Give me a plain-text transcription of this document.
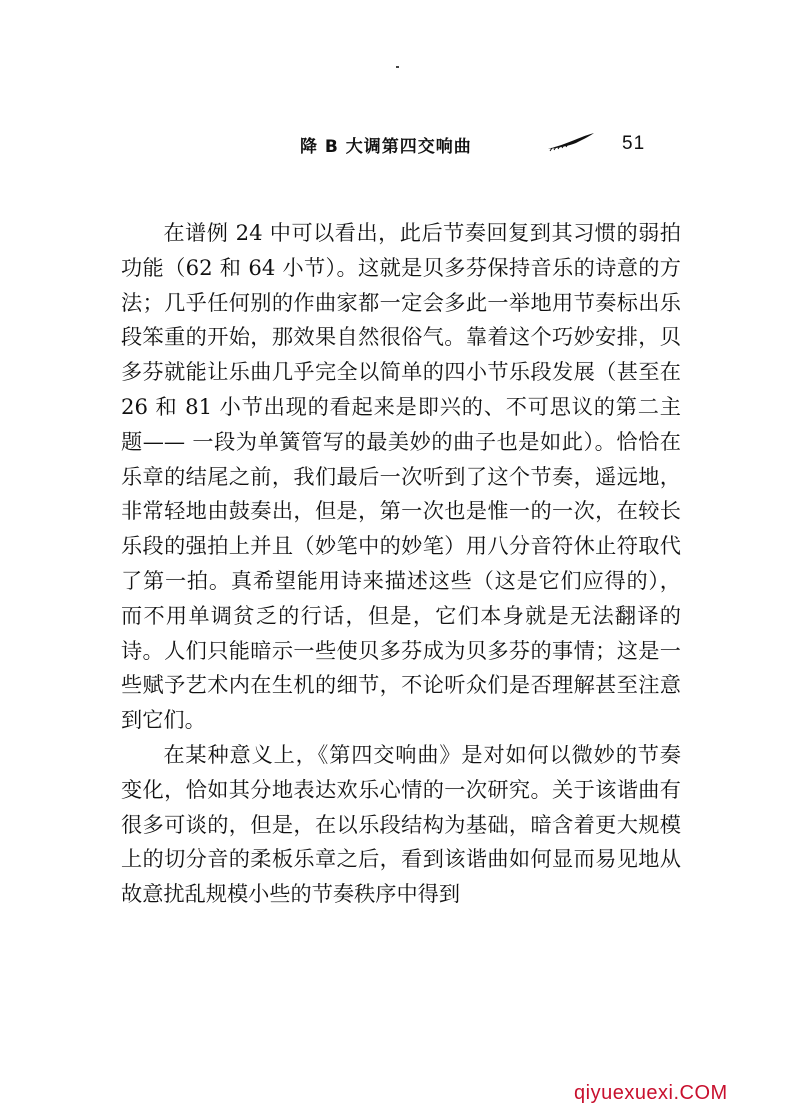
降 B 大调第四交响曲	51

在谱例 24 中可以看出，此后节奏回复到其习惯的弱拍功能（62 和 64 小节）。这就是贝多芬保持音乐的诗意的方法；几乎任何别的作曲家都一定会多此一举地用节奏标出乐段笨重的开始，那效果自然很俗气。靠着这个巧妙安排，贝多芬就能让乐曲几乎完全以简单的四小节乐段发展（甚至在 26 和 81 小节出现的看起来是即兴的、不可思议的第二主题—— 一段为单簧管写的最美妙的曲子也是如此）。恰恰在乐章的结尾之前，我们最后一次听到了这个节奏，遥远地，非常轻地由鼓奏出，但是，第一次也是惟一的一次，在较长乐段的强拍上并且（妙笔中的妙笔）用八分音符休止符取代了第一拍。真希望能用诗来描述这些（这是它们应得的），而不用单调贫乏的行话，但是，它们本身就是无法翻译的诗。人们只能暗示一些使贝多芬成为贝多芬的事情；这是一些赋予艺术内在生机的细节，不论听众们是否理解甚至注意到它们。

在某种意义上，《第四交响曲》是对如何以微妙的节奏变化，恰如其分地表达欢乐心情的一次研究。关于该谐曲有很多可谈的，但是，在以乐段结构为基础，暗含着更大规模上的切分音的柔板乐章之后，看到该谐曲如何显而易见地从故意扰乱规模小些的节奏秩序中得到

qiyuexuexi.COM
